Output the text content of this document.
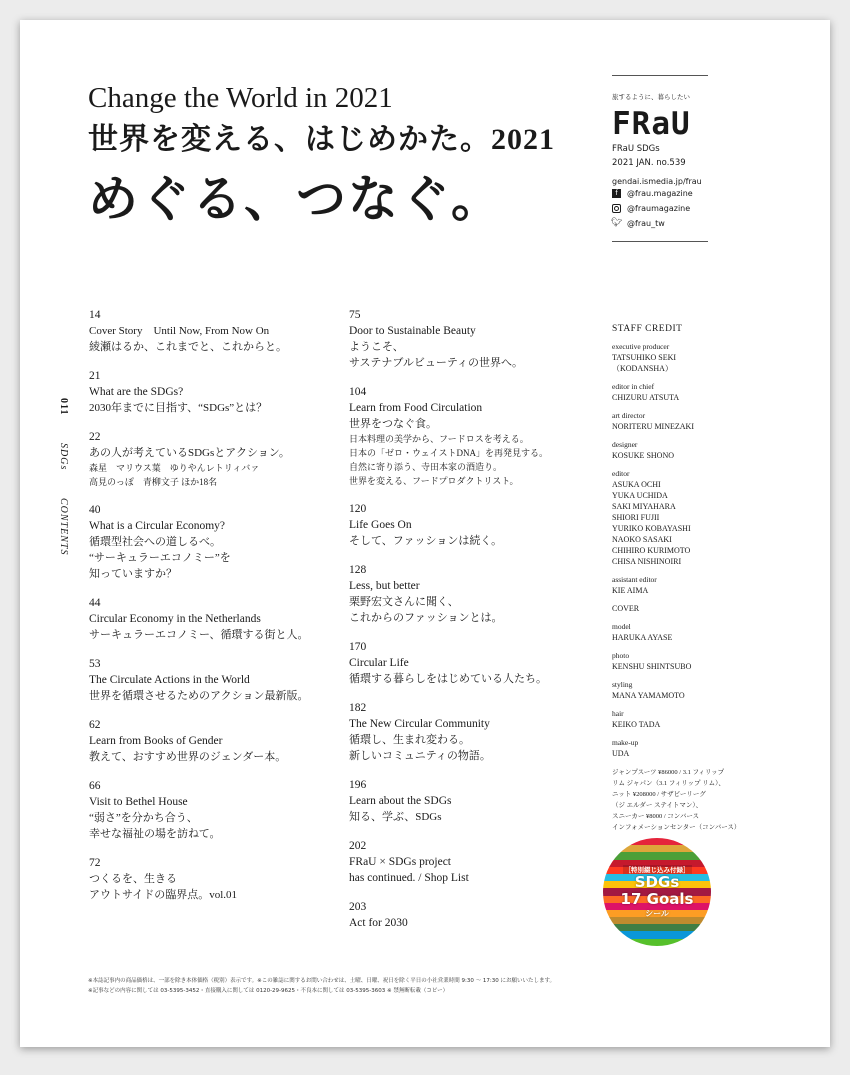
Change the World in 2021
世界を変える、はじめかた。2021
めぐる、つなぐ。
旅するように、暮らしたい
FRaU
FRaU SDGs
2021 JAN. no.539
gendai.ismedia.jp/frau
f	@frau.magazine
@fraumagazine
🐦︎ @frau_tw
011 SDGs CONTENTS
14
Cover Story　Until Now, From Now On
綾瀬はるか、これまでと、これからと。
21
What are the SDGs?
2030年までに目指す、“SDGs”とは？
22
あの人が考えているSDGsとアクション。
森星　マリウス葉　ゆりやんレトリィバァ
高見のっぽ　青柳文子 ほか18名
40
What is a Circular Economy?
循環型社会への道しるべ。
“サーキュラーエコノミー”を
知っていますか？
44
Circular Economy in the Netherlands
サーキュラーエコノミー、循環する街と人。
53
The Circulate Actions in the World
世界を循環させるためのアクション最新版。
62
Learn from Books of Gender
教えて、おすすめ世界のジェンダー本。
66
Visit to Bethel House
“弱さ”を分かち合う、
幸せな福祉の場を訪ねて。
72
つくるを、生きる
アウトサイドの臨界点。vol.01
75
Door to Sustainable Beauty
ようこそ、
サステナブルビューティの世界へ。
104
Learn from Food Circulation
世界をつなぐ食。
日本料理の美学から、フードロスを考える。
日本の「ゼロ・ウェイストDNA」を再発見する。
自然に寄り添う、寺田本家の酒造り。
世界を変える、フードプロダクトリスト。
120
Life Goes On
そして、ファッションは続く。
128
Less, but better
栗野宏文さんに聞く、
これからのファッションとは。
170
Circular Life
循環する暮らしをはじめている人たち。
182
The New Circular Community
循環し、生まれ変わる。
新しいコミュニティの物語。
196
Learn about the SDGs
知る、学ぶ、SDGs
202
FRaU × SDGs project
has continued. / Shop List
203
Act for 2030
STAFF CREDIT
executive producer
TATSUHIKO SEKI
（KODANSHA）
editor in chief
CHIZURU ATSUTA
art director
NORITERU MINEZAKI
designer
KOSUKE SHONO
editor
ASUKA OCHI
YUKA UCHIDA
SAKI MIYAHARA
SHIORI FUJII
YURIKO KOBAYASHI
NAOKO SASAKI
CHIHIRO KURIMOTO
CHISA NISHINOIRI
assistant editor
KIE AIMA
COVER
model
HARUKA AYASE
photo
KENSHU SHINTSUBO
styling
MANA YAMAMOTO
hair
KEIKO TADA
make-up
UDA
ジャンプスーツ ¥86000 / 3.1 フィリップ
リム ジャパン（3.1 フィリップ リム）、
ニット ¥208000 / サザビーリーグ
（ジ エルダー ステイトマン）、
スニーカー ¥8000 / コンバース
インフォメーションセンター（コンバース）
［特別綴じ込み付録］
SDGs
17 Goals
シール
※本誌記事内の商品価格は、一部を除き本体価格（税別）表示です。※この雑誌に関するお問い合わせは、土曜、日曜、祝日を除く平日の小社営業時間 9:30 〜 17:30 にお願いいたします。
※記事などの内容に関しては 03-5395-3452・直接購入に関しては 0120-29-9625・不良本に関しては 03-5395-3603 ※ 禁無断転載（コピー）
